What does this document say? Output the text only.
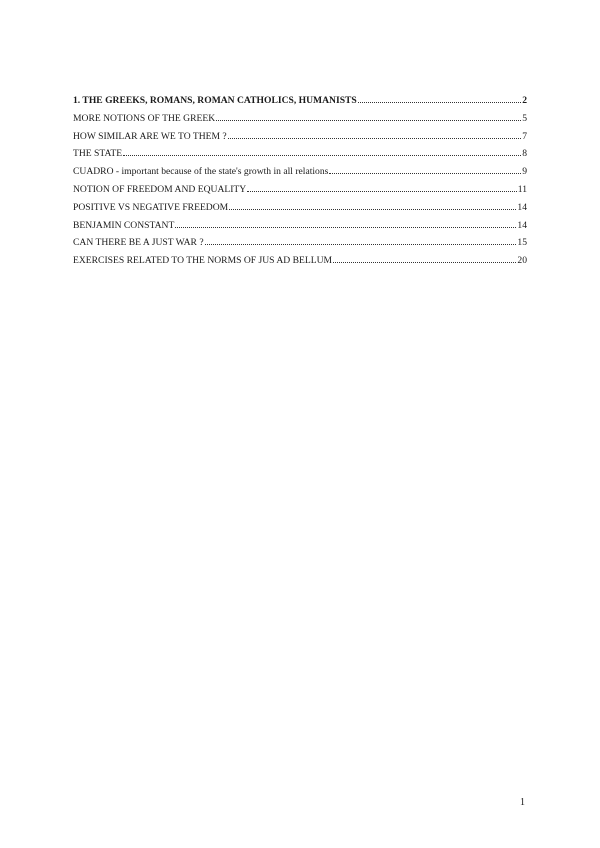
1. THE GREEKS, ROMANS, ROMAN CATHOLICS, HUMANISTS	2
MORE NOTIONS OF THE GREEK	5
HOW SIMILAR ARE WE TO THEM ?	7
THE STATE	8
CUADRO - important because of the state's growth in all relations	9
NOTION OF FREEDOM AND EQUALITY	11
POSITIVE VS NEGATIVE FREEDOM	14
BENJAMIN CONSTANT	14
CAN THERE BE A JUST WAR ?	15
EXERCISES RELATED TO THE NORMS OF JUS AD BELLUM	20
1
